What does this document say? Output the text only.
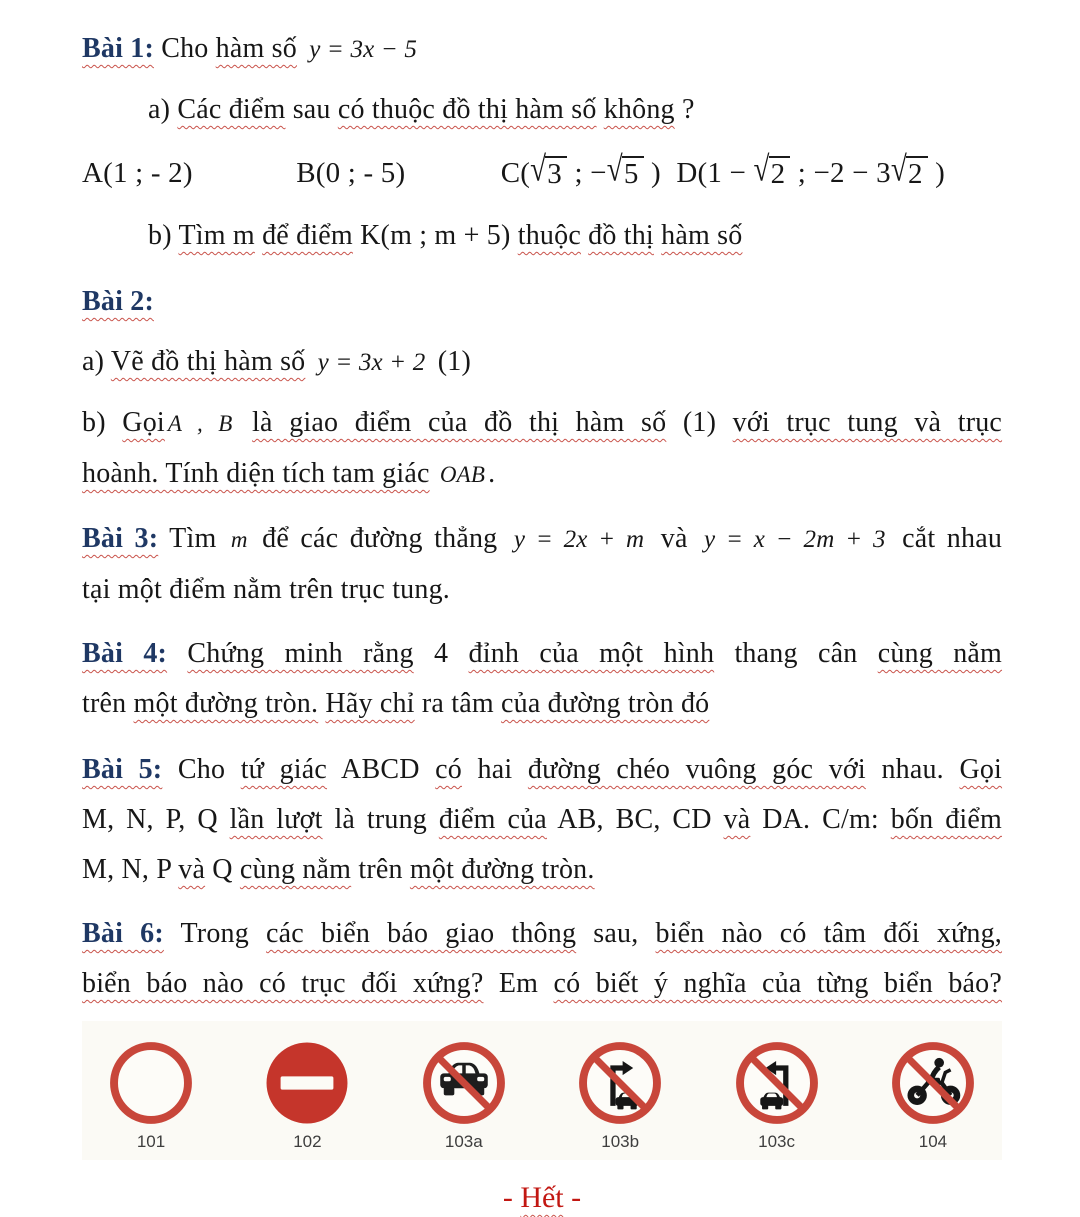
Bài 1: Cho hàm số y = 3x − 5
a) Các điểm sau có thuộc đồ thị hàm số không ?
A(1 ; - 2)	B(0 ; - 5)	C(√3 ; −√5 ) D(1 − √2 ; −2 − 3√2 )
b) Tìm m để điểm K(m ; m + 5) thuộc đồ thị hàm số
Bài 2:
a) Vẽ đồ thị hàm số y = 3x + 2 (1)
b) Gọi A , B là giao điểm của đồ thị hàm số (1) với trục tung và trục
hoành. Tính diện tích tam giác OAB .
Bài 3: Tìm m để các đường thẳng y = 2x + m và y = x − 2m + 3 cắt nhau
tại một điểm nằm trên trục tung.
Bài 4: Chứng minh rằng 4 đỉnh của một hình thang cân cùng nằm
trên một đường tròn. Hãy chỉ ra tâm của đường tròn đó
Bài 5: Cho tứ giác ABCD có hai đường chéo vuông góc với nhau. Gọi
M, N, P, Q lần lượt là trung điểm của AB, BC, CD và DA. C/m: bốn điểm
M, N, P và Q cùng nằm trên một đường tròn.
Bài 6: Trong các biển báo giao thông sau, biển nào có tâm đối xứng,
biển báo nào có trục đối xứng? Em có biết ý nghĩa của từng biển báo?
101	102	103a	103b	103c	104
- Hết -
